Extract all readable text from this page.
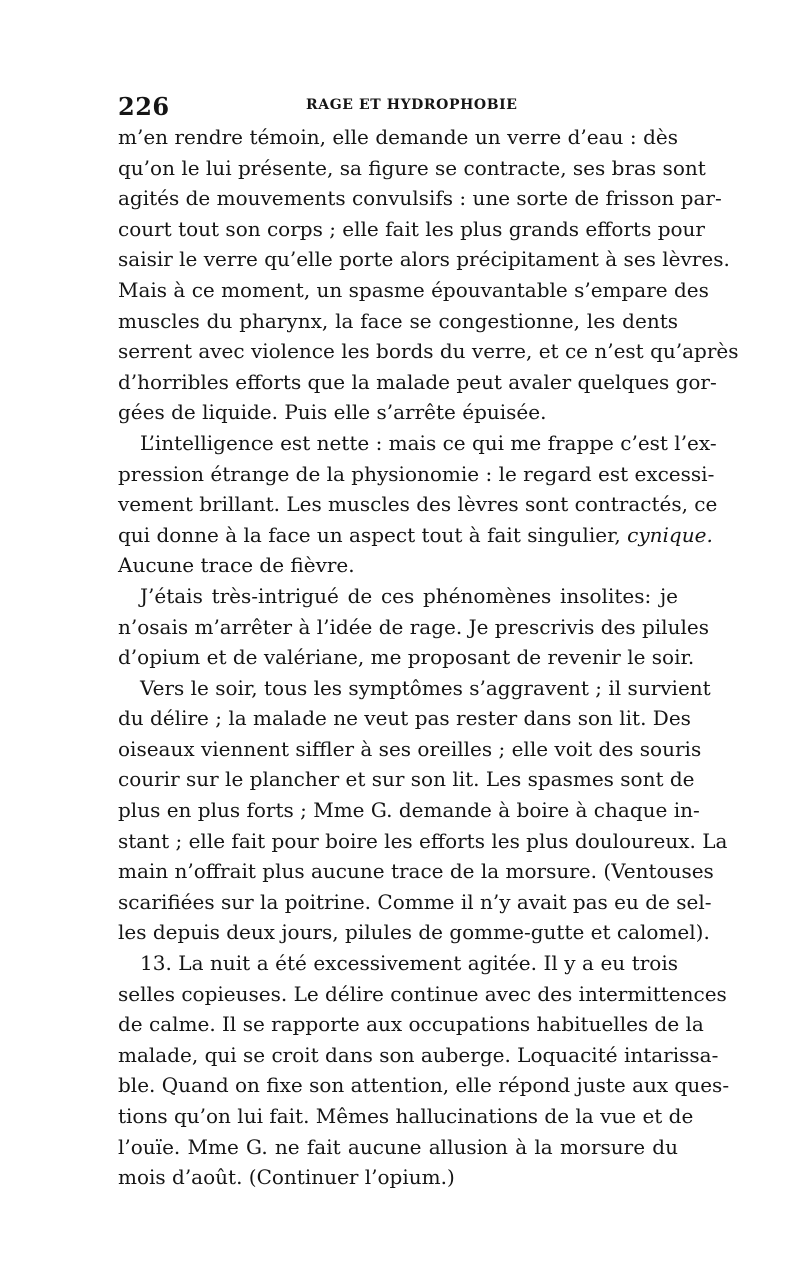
226	RAGE ET HYDROPHOBIE
m’en rendre témoin, elle demande un verre d’eau : dès
qu’on le lui présente, sa figure se contracte, ses bras sont
agités de mouvements convulsifs : une sorte de frisson par-
court tout son corps ; elle fait les plus grands efforts pour
saisir le verre qu’elle porte alors précipitament à ses lèvres.
Mais à ce moment, un spasme épouvantable s’empare des
muscles du pharynx, la face se congestionne, les dents
serrent avec violence les bords du verre, et ce n’est qu’après
d’horribles efforts que la malade peut avaler quelques gor-
gées de liquide. Puis elle s’arrête épuisée.
L’intelligence est nette : mais ce qui me frappe c’est l’ex-
pression étrange de la physionomie : le regard est excessi-
vement brillant. Les muscles des lèvres sont contractés, ce
qui donne à la face un aspect tout à fait singulier, cynique.
Aucune trace de fièvre.
J’étais très-intrigué de ces phénomènes insolites: je
n’osais m’arrêter à l’idée de rage. Je prescrivis des pilules
d’opium et de valériane, me proposant de revenir le soir.
Vers le soir, tous les symptômes s’aggravent ; il survient
du délire ; la malade ne veut pas rester dans son lit. Des
oiseaux viennent siffler à ses oreilles ; elle voit des souris
courir sur le plancher et sur son lit. Les spasmes sont de
plus en plus forts ; Mme G. demande à boire à chaque in-
stant ; elle fait pour boire les efforts les plus douloureux. La
main n’offrait plus aucune trace de la morsure. (Ventouses
scarifiées sur la poitrine. Comme il n’y avait pas eu de sel-
les depuis deux jours, pilules de gomme-gutte et calomel).
13. La nuit a été excessivement agitée. Il y a eu trois
selles copieuses. Le délire continue avec des intermittences
de calme. Il se rapporte aux occupations habituelles de la
malade, qui se croit dans son auberge. Loquacité intarissa-
ble. Quand on fixe son attention, elle répond juste aux ques-
tions qu’on lui fait. Mêmes hallucinations de la vue et de
l’ouïe. Mme G. ne fait aucune allusion à la morsure du
mois d’août. (Continuer l’opium.)
